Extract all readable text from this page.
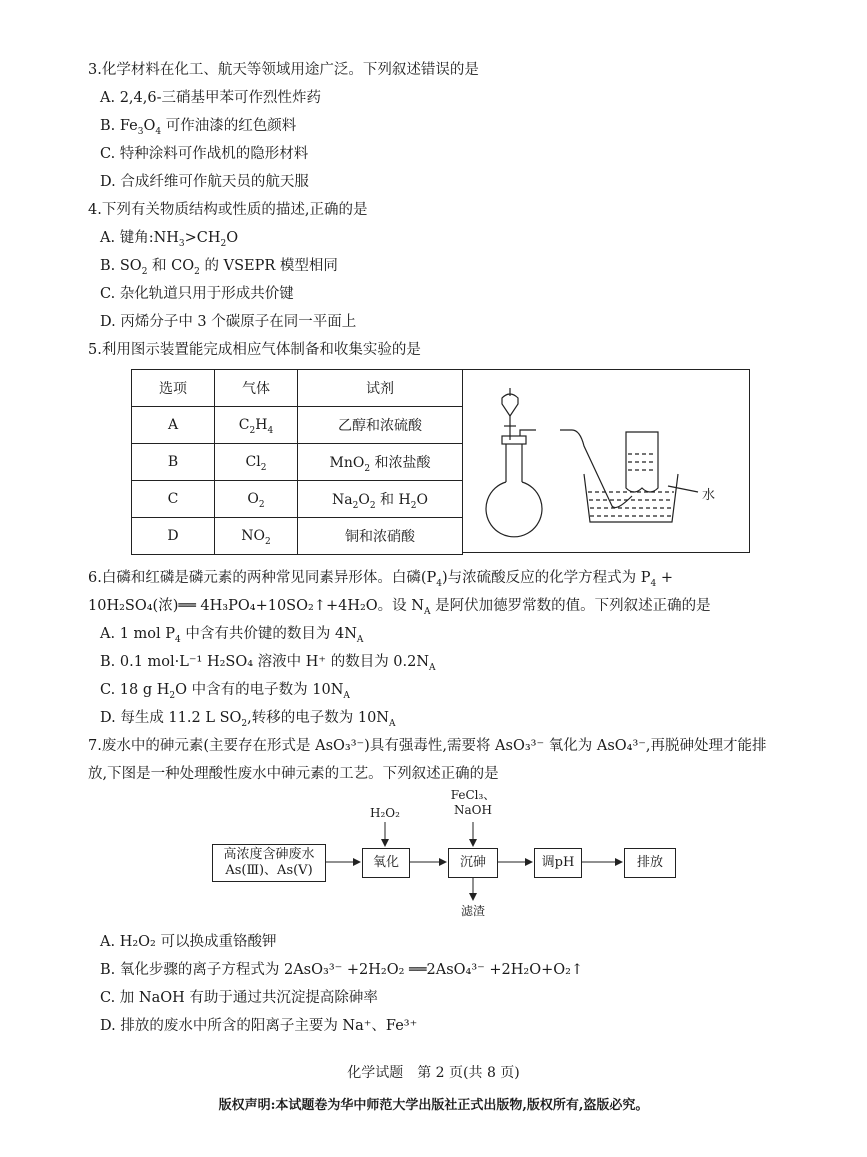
3.化学材料在化工、航天等领域用途广泛。下列叙述错误的是
A. 2,4,6-三硝基甲苯可作烈性炸药
B. $Fe_3O_4$ 可作油漆的红色颜料
C. 特种涂料可作战机的隐形材料
D. 合成纤维可作航天员的航天服
4.下列有关物质结构或性质的描述,正确的是
A. 键角$:NH_3>CH_2O$
B. $SO_2$ 和 $CO_2$ 的 VSEPR 模型相同
C. 杂化轨道只用于形成共价键
D. 丙烯分子中 3 个碳原子在同一平面上
5.利用图示装置能完成相应气体制备和收集实验的是
选项	气体	试剂
A	$C_2H_4$	乙醇和浓硫酸
B	$Cl_2$	MnO$_2$ 和浓盐酸
C	$O_2$	$Na_2O_2$ 和 $H_2O$
D	$NO_2$	铜和浓硝酸
水
6.白磷和红磷是磷元素的两种常见同素异形体。白磷$(P_4)$与浓硫酸反应的化学方程式为 $P_4$ +
10H₂SO₄(浓)══ 4H₃PO₄+10SO₂↑+4H₂O。设 $N_A$ 是阿伏加德罗常数的值。下列叙述正确的是
A. 1 mol $P_4$ 中含有共价键的数目为 $4N_A$
B. 0.1 mol·L⁻¹ H₂SO₄ 溶液中 H⁺ 的数目为 $0.2N_A$
C. 18 g $H_2O$ 中含有的电子数为 $10N_A$
D. 每生成 11.2 L $SO_2$,转移的电子数为 $10N_A$
7.废水中的砷元素(主要存在形式是 AsO₃³⁻)具有强毒性,需要将 AsO₃³⁻ 氧化为 AsO₄³⁻,再脱砷处理才能排
放,下图是一种处理酸性废水中砷元素的工艺。下列叙述正确的是
高浓度含砷废水
As(Ⅲ)、As(Ⅴ)
H₂O₂
氧化
FeCl₃、
NaOH
沉砷
滤渣
调pH	排放
A. H₂O₂ 可以换成重铬酸钾
B. 氧化步骤的离子方程式为 2AsO₃³⁻ +2H₂O₂ ══2AsO₄³⁻ +2H₂O+O₂↑
C. 加 NaOH 有助于通过共沉淀提高除砷率
D. 排放的废水中所含的阳离子主要为 Na⁺、Fe³⁺
化学试题　第 2 页(共 8 页)
版权声明:本试题卷为华中师范大学出版社正式出版物,版权所有,盗版必究。
